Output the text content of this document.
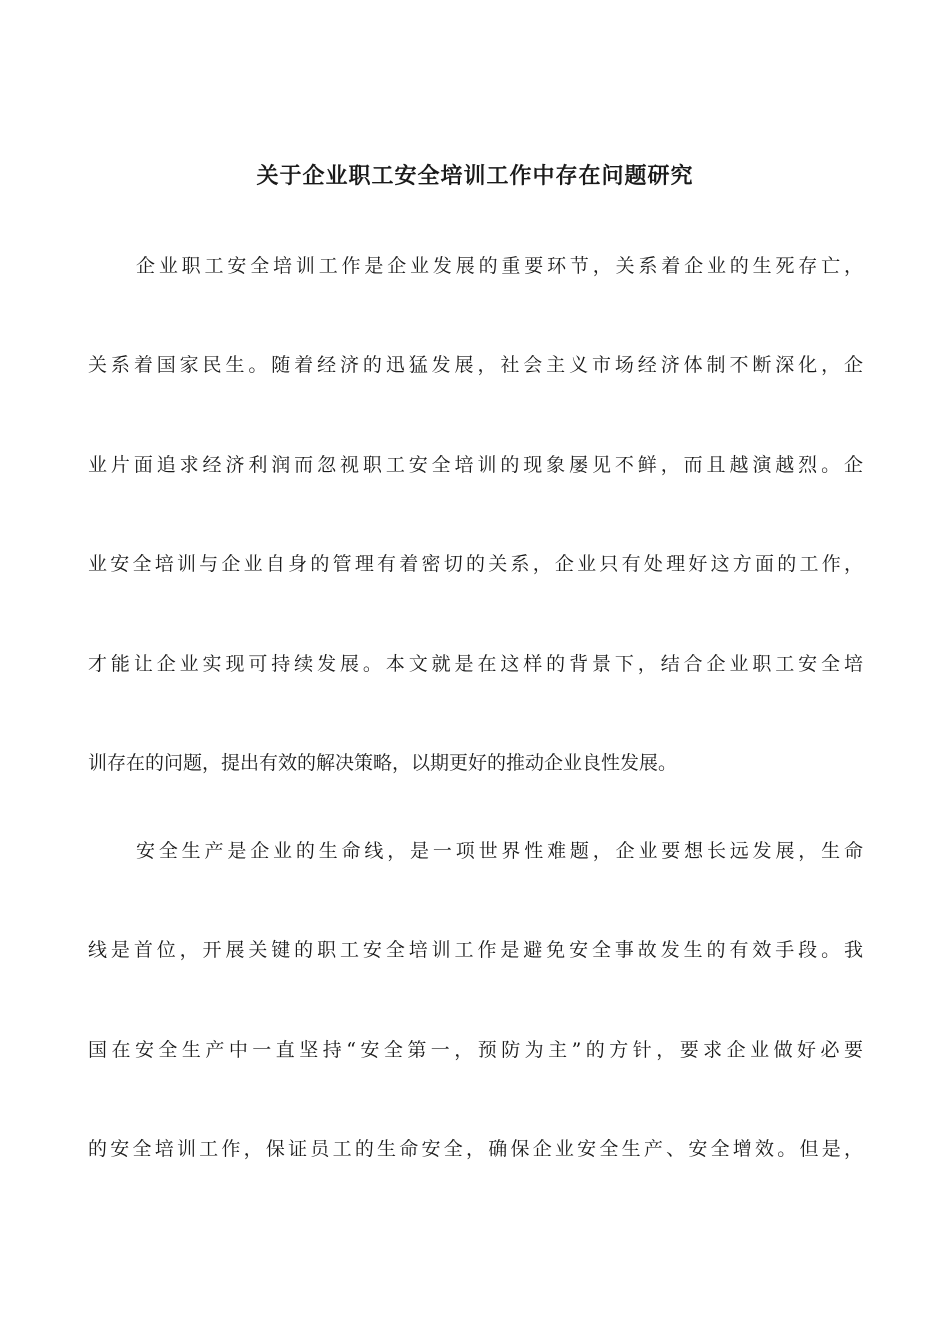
关于企业职工安全培训工作中存在问题研究
企业职工安全培训工作是企业发展的重要环节，关系着企业的生死存亡，
关系着国家民生。随着经济的迅猛发展，社会主义市场经济体制不断深化，企
业片面追求经济利润而忽视职工安全培训的现象屡见不鲜，而且越演越烈。企
业安全培训与企业自身的管理有着密切的关系，企业只有处理好这方面的工作，
才能让企业实现可持续发展。本文就是在这样的背景下，结合企业职工安全培
训存在的问题，提出有效的解决策略，以期更好的推动企业良性发展。
安全生产是企业的生命线，是一项世界性难题，企业要想长远发展，生命
线是首位，开展关键的职工安全培训工作是避免安全事故发生的有效手段。我
国在安全生产中一直坚持“安全第一，预防为主”的方针，要求企业做好必要
的安全培训工作，保证员工的生命安全，确保企业安全生产、安全增效。但是，
